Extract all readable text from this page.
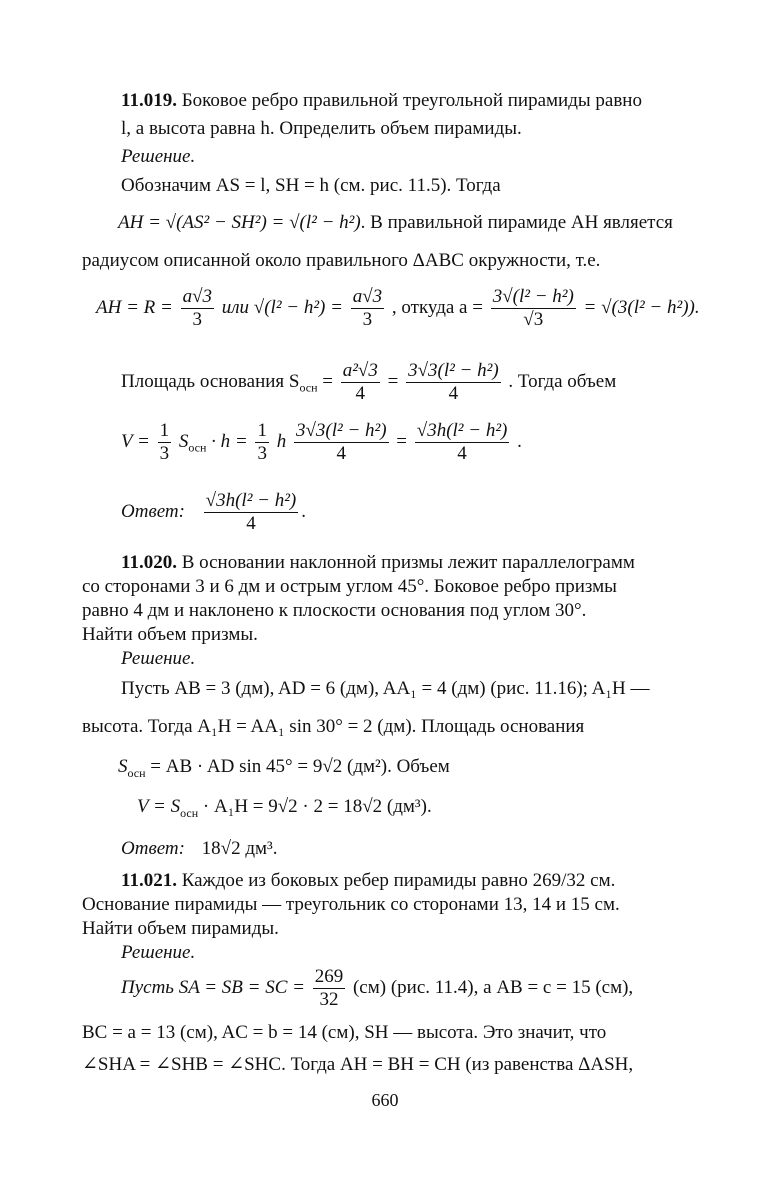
11.019. Боковое ребро правильной треугольной пирамиды равно
l, а высота равна h. Определить объем пирамиды.
Решение.
Обозначим AS = l, SH = h (см. рис. 11.5). Тогда
AH = √(AS² − SH²) = √(l² − h²). В правильной пирамиде AH является
радиусом описанной около правильного ΔABC окружности, т.е.
AH = $R = \frac{a√3}{3}$ или $√(l^2 - h^2) = \frac{a√3}{3}$ , откуда $a = \frac{\text{3√(l² − h²)}}{√3} = √(3(l^2 - h^2))$.
Площадь основания $S_{осн} = \frac{\text{a²√3}}{4} = \frac{\text{3√3(l² − h²)}}{4}$ . Тогда объем
$V = \frac{1}{3} S_{осн} \cdot h = \frac{1}{3}$ h $\frac{\text{3√3(l² − h²)}}{4} = \frac{\text{√3h(l² − h²)}}{4}$ .
Ответ: $\frac{\text{√3h(l² − h²)}}{4}$ .
11.020. В основании наклонной призмы лежит параллелограмм
со сторонами 3 и 6 дм и острым углом 45°. Боковое ребро призмы
равно 4 дм и наклонено к плоскости основания под углом 30°.
Найти объем призмы.
Решение.
Пусть AB = 3 (дм), AD = 6 (дм), AA₁ = 4 (дм) (рис. 11.16); A₁H —
высота. Тогда A₁H = AA₁ sin 30° = 2 (дм). Площадь основания
$S_{осн}$ = AB · AD sin 45° = 9√2 (дм²). Объем
$V = S_{осн} \cdot A_1H = 9√2 \cdot 2 = 18√2$ (дм³).
Ответ: 18√2 дм³.
11.021. Каждое из боковых ребер пирамиды равно 269/32 см.
Основание пирамиды — треугольник со сторонами 13, 14 и 15 см.
Найти объем пирамиды.
Решение.
Пусть SA = SB = SC = $\frac{269}{32} (см)$ (рис. 11.4), а AB = c = 15 (см),
BC = a = 13 (см), AC = b = 14 (см), SH — высота. Это значит, что
∠SHA = ∠SHB = ∠SHC. Тогда AH = BH = CH (из равенства ΔASH,
660
